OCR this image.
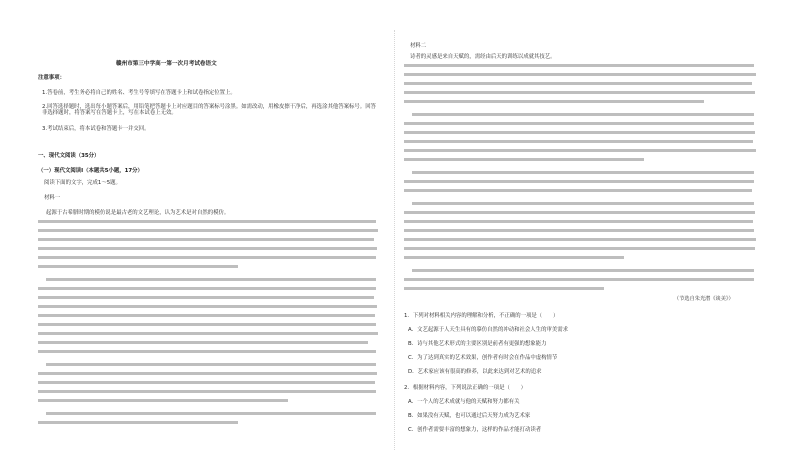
赣州市第三中学高一第一次月考试卷语文
注意事项：
1.答卷前，考生务必将自己的姓名、考生号等填写在答题卡上和试卷指定位置上。
2.回答选择题时，选出每小题答案后，用铅笔把答题卡上对应题目的答案标号涂黑。如需改动，用橡皮擦干净后，再选涂其他答案标号。回答非选择题时，将答案写在答题卡上，写在本试卷上无效。
3.考试结束后，将本试卷和答题卡一并交回。
一、现代文阅读（35分）
（一）现代文阅读Ⅰ（本题共5小题，17分）
阅读下面的文字，完成1～5题。
材料一
起源于古希腊时期的模仿说是最古老的文艺理论，认为艺术是对自然的模仿。
材料二
诗者的灵感是来自天赋的，需经由后天的训练以成就其技艺。
（节选自朱光潜《谈美》）
1．下列对材料相关内容的理解和分析，不正确的一项是（　　）
A．文艺起源于人天生具有的摹仿自然的冲动和社会人生的审美需求
B．诗与其他艺术形式的主要区别是前者有更强的想象能力
C．为了达到真实的艺术效果，创作者有时会在作品中虚构情节
D．艺术家应该有很高的修养，以此来达到对艺术的追求
2．根据材料内容，下列说法正确的一项是（　　）
A．一个人的艺术成就与他的天赋和努力都有关
B．如果没有天赋，也可以通过后天努力成为艺术家
C．创作者需要丰富的想象力，这样的作品才能打动读者
